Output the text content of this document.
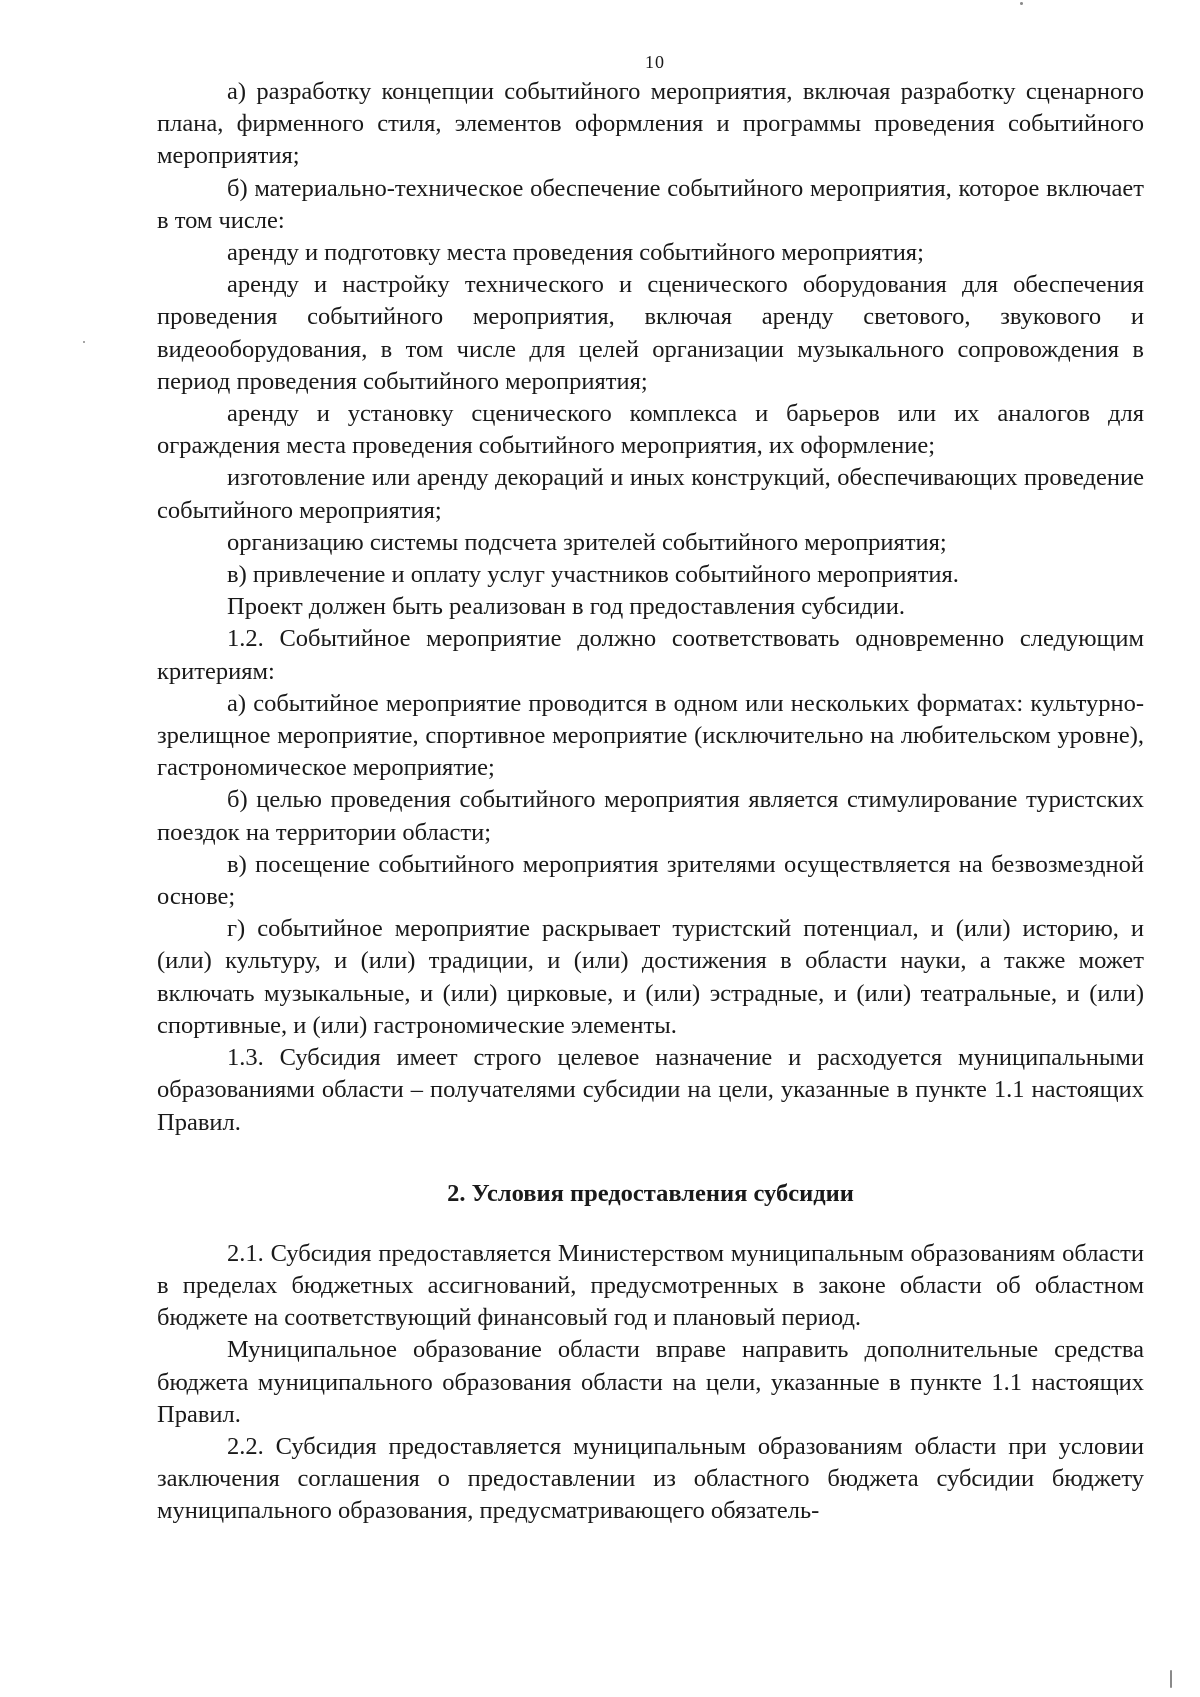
10

а) разработку концепции событийного мероприятия, включая разработку сценарного плана, фирменного стиля, элементов оформления и программы проведения событийного мероприятия;

б) материально-техническое обеспечение событийного мероприятия, которое включает в том числе:

аренду и подготовку места проведения событийного мероприятия;

аренду и настройку технического и сценического оборудования для обеспечения проведения событийного мероприятия, включая аренду светового, звукового и видеооборудования, в том числе для целей организации музыкального сопровождения в период проведения событийного мероприятия;

аренду и установку сценического комплекса и барьеров или их аналогов для ограждения места проведения событийного мероприятия, их оформление;

изготовление или аренду декораций и иных конструкций, обеспечивающих проведение событийного мероприятия;

организацию системы подсчета зрителей событийного мероприятия;

в) привлечение и оплату услуг участников событийного мероприятия.

Проект должен быть реализован в год предоставления субсидии.

1.2. Событийное мероприятие должно соответствовать одновременно следующим критериям:

а) событийное мероприятие проводится в одном или нескольких форматах: культурно-зрелищное мероприятие, спортивное мероприятие (исключительно на любительском уровне), гастрономическое мероприятие;

б) целью проведения событийного мероприятия является стимулирование туристских поездок на территории области;

в) посещение событийного мероприятия зрителями осуществляется на безвозмездной основе;

г) событийное мероприятие раскрывает туристский потенциал, и (или) историю, и (или) культуру, и (или) традиции, и (или) достижения в области науки, а также может включать музыкальные, и (или) цирковые, и (или) эстрадные, и (или) театральные, и (или) спортивные, и (или) гастрономические элементы.

1.3. Субсидия имеет строго целевое назначение и расходуется муниципальными образованиями области – получателями субсидии на цели, указанные в пункте 1.1 настоящих Правил.

2. Условия предоставления субсидии

2.1. Субсидия предоставляется Министерством муниципальным образованиям области в пределах бюджетных ассигнований, предусмотренных в законе области об областном бюджете на соответствующий финансовый год и плановый период.

Муниципальное образование области вправе направить дополнительные средства бюджета муниципального образования области на цели, указанные в пункте 1.1 настоящих Правил.

2.2. Субсидия предоставляется муниципальным образованиям области при условии заключения соглашения о предоставлении из областного бюджета субсидии бюджету муниципального образования, предусматривающего обязатель-
